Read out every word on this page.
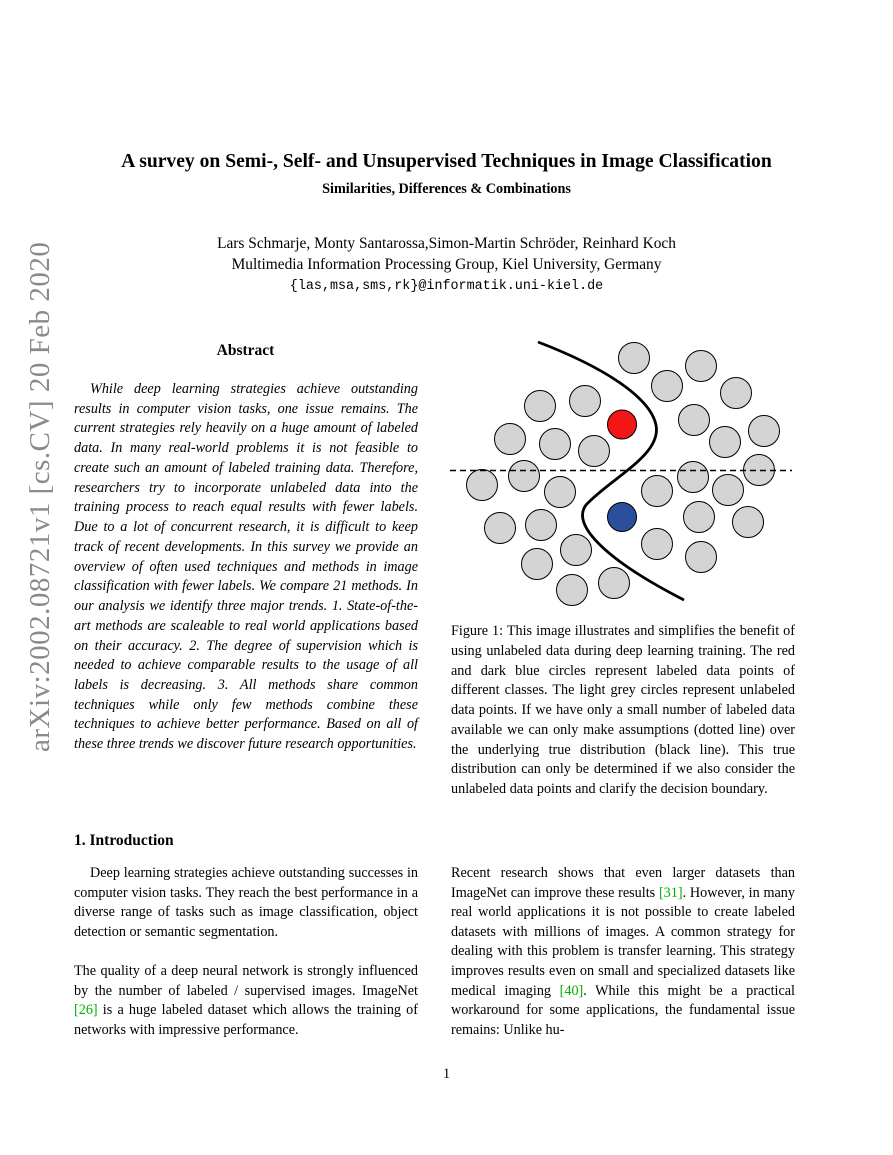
arXiv:2002.08721v1 [cs.CV] 20 Feb 2020
A survey on Semi-, Self- and Unsupervised Techniques in Image Classification
Similarities, Differences & Combinations
Lars Schmarje, Monty Santarossa,Simon-Martin Schröder, Reinhard Koch
Multimedia Information Processing Group, Kiel University, Germany
{las,msa,sms,rk}@informatik.uni-kiel.de
Abstract
While deep learning strategies achieve outstanding results in computer vision tasks, one issue remains. The current strategies rely heavily on a huge amount of labeled data. In many real-world problems it is not feasible to create such an amount of labeled training data. Therefore, researchers try to incorporate unlabeled data into the training process to reach equal results with fewer labels. Due to a lot of concurrent research, it is difficult to keep track of recent developments. In this survey we provide an overview of often used techniques and methods in image classification with fewer labels. We compare 21 methods. In our analysis we identify three major trends. 1. State-of-the-art methods are scaleable to real world applications based on their accuracy. 2. The degree of supervision which is needed to achieve comparable results to the usage of all labels is decreasing. 3. All methods share common techniques while only few methods combine these techniques to achieve better performance. Based on all of these three trends we discover future research opportunities.
Figure 1: This image illustrates and simplifies the benefit of using unlabeled data during deep learning training. The red and dark blue circles represent labeled data points of different classes. The light grey circles represent unlabeled data points. If we have only a small number of labeled data available we can only make assumptions (dotted line) over the underlying true distribution (black line). This true distribution can only be determined if we also consider the unlabeled data points and clarify the decision boundary.
1. Introduction
Deep learning strategies achieve outstanding successes in computer vision tasks. They reach the best performance in a diverse range of tasks such as image classification, object detection or semantic segmentation.
The quality of a deep neural network is strongly influenced by the number of labeled / supervised images. ImageNet [26] is a huge labeled dataset which allows the training of networks with impressive performance.
Recent research shows that even larger datasets than ImageNet can improve these results [31]. However, in many real world applications it is not possible to create labeled datasets with millions of images. A common strategy for dealing with this problem is transfer learning. This strategy improves results even on small and specialized datasets like medical imaging [40]. While this might be a practical workaround for some applications, the fundamental issue remains: Unlike hu-
1
